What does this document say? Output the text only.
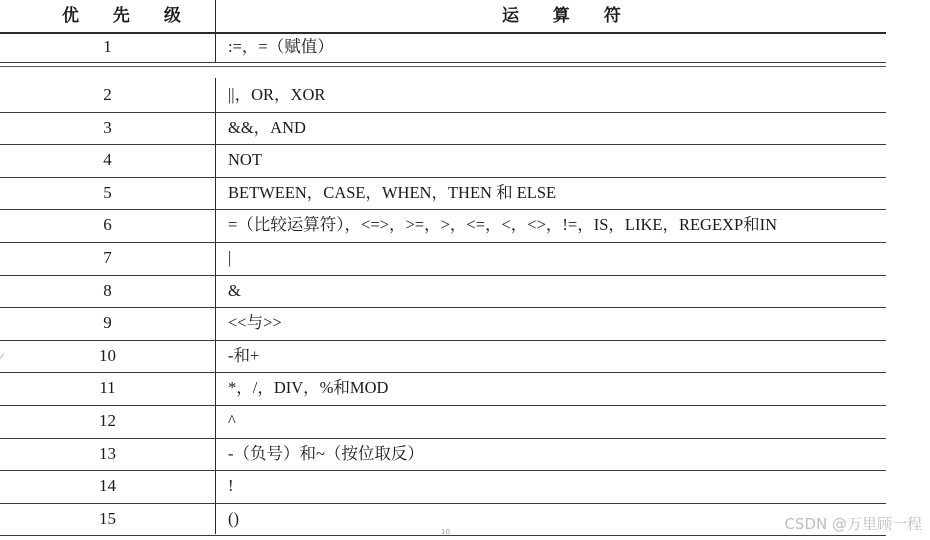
优 先 级	运 算 符
1	:=，=（赋值）
2	||，OR，XOR
3	&&，AND
4	NOT
5	BETWEEN，CASE，WHEN，THEN 和 ELSE
6	=（比较运算符），<=>，>=，>，<=，<，<>，!=，IS，LIKE，REGEXP和IN
7	|
8	&
9	<<与>>
10	-和+
11	*，/，DIV，%和MOD
12	^
13	-（负号）和~（按位取反）
14	!
15	()
⁄
10	CSDN @万里顾一程
